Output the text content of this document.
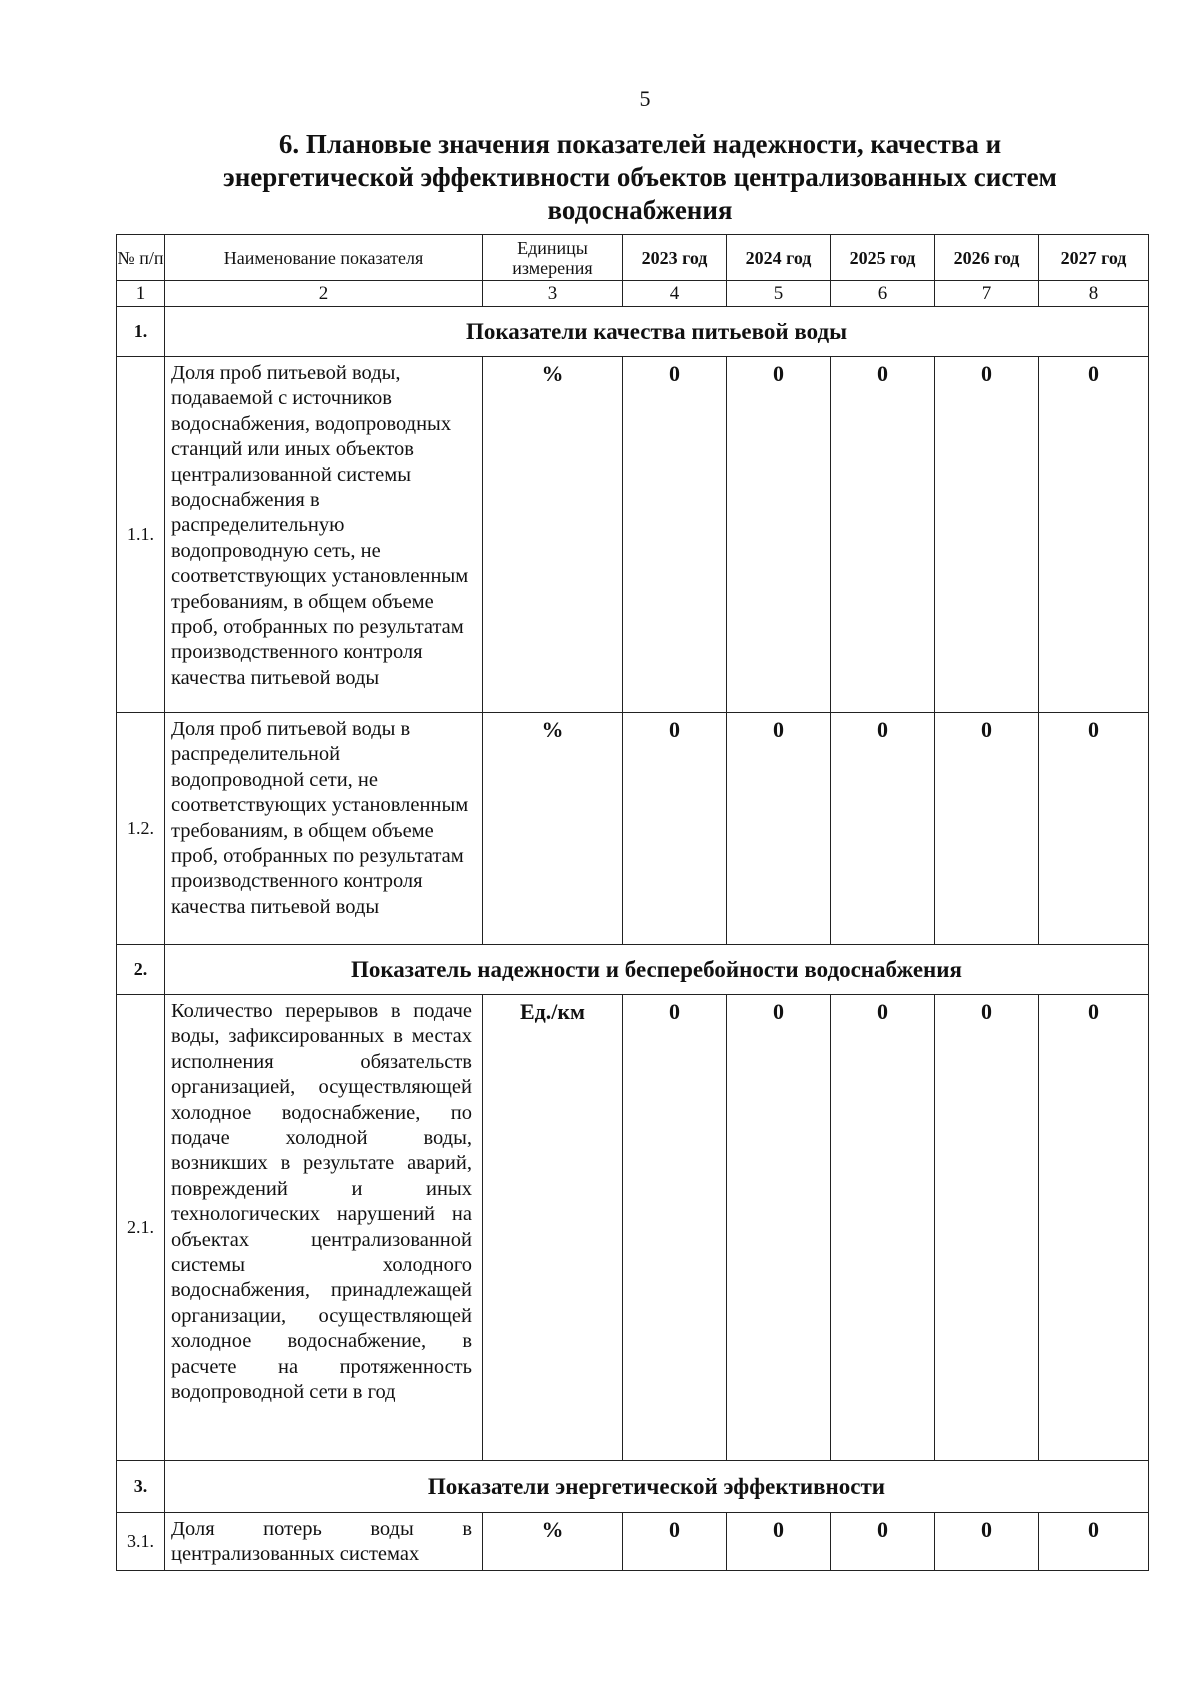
5
6. Плановые значения показателей надежности, качества и
энергетической эффективности объектов централизованных систем
водоснабжения
№ п/п	Наименование показателя	Единицы измерения	2023 год	2024 год	2025 год	2026 год	2027 год
1	2	3	4	5	6	7	8
1.	Показатели качества питьевой воды						
1.1.	Доля проб питьевой воды, подаваемой с источников водоснабжения, водопроводных станций или иных объектов централизованной системы водоснабжения в распределительную водопроводную сеть, не соответствующих установленным требованиям, в общем объеме проб, отобранных по результатам производственного контроля качества питьевой воды	%	0	0	0	0	0
1.2.	Доля проб питьевой воды в распределительной водопроводной сети, не соответствующих установленным требованиям, в общем объеме проб, отобранных по результатам производственного контроля качества питьевой воды	%	0	0	0	0	0
2.	Показатель надежности и бесперебойности водоснабжения						
2.1.	Количество перерывов в подаче воды, зафиксированных в местах исполнения обязательств организацией, осуществляющей холодное водоснабжение, по подаче холодной воды, возникших в результате аварий, повреждений и иных технологических нарушений на объектах централизованной системы холодного водоснабжения, принадлежащей организации, осуществляющей холодное водоснабжение, в расчете на протяженность водопроводной сети в год	Ед./км	0	0	0	0	0
3.	Показатели энергетической эффективности						
3.1.	Доля потерь воды в централизованных системах	%	0	0	0	0	0
